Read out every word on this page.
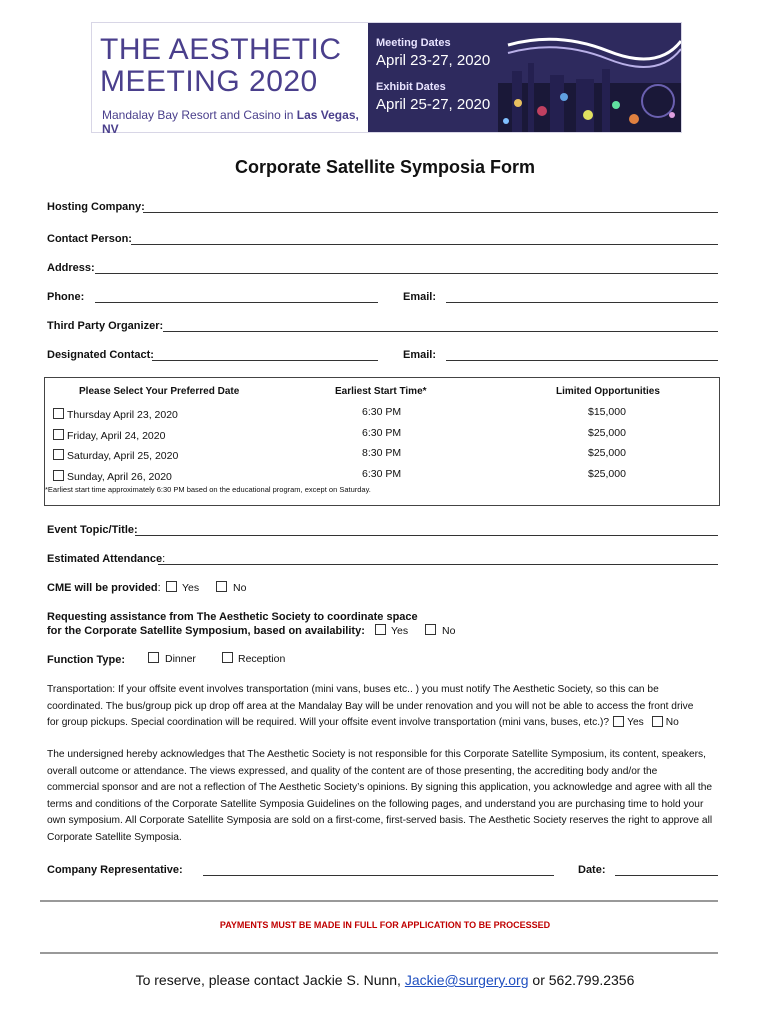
THE AESTHETIC
MEETING 2020
Mandalay Bay Resort and Casino in Las Vegas, NV
Meeting Dates
April 23-27, 2020
Exhibit Dates
April 25-27, 2020
Corporate Satellite Symposia Form
Hosting Company:
Contact Person:
Address:
Phone:	Email:
Third Party Organizer:
Designated Contact:	Email:
Please Select Your Preferred Date	Earliest Start Time*	Limited Opportunities
Thursday April 23, 2020	6:30 PM	$15,000
Friday, April 24, 2020	6:30 PM	$25,000
Saturday, April 25, 2020	8:30 PM	$25,000
Sunday, April 26, 2020	6:30 PM	$25,000
*Earliest start time approximately 6:30 PM based on the educational program, except on Saturday.
Event Topic/Title:
Estimated Attendance:
CME will be provided: Yes	No
Requesting assistance from The Aesthetic Society to coordinate space
for the Corporate Satellite Symposium, based on availability: Yes	No
Function Type:	Dinner	Reception
Transportation: If your offsite event involves transportation (mini vans, buses etc.. ) you must notify The Aesthetic Society, so this can be
coordinated. The bus/group pick up drop off area at the Mandalay Bay will be under renovation and you will not be able to access the front drive
for group pickups. Special coordination will be required. Will your offsite event involve transportation (mini vans, buses, etc.)? Yes No
The undersigned hereby acknowledges that The Aesthetic Society is not responsible for this Corporate Satellite Symposium, its content, speakers,
overall outcome or attendance. The views expressed, and quality of the content are of those presenting, the accrediting body and/or the
commercial sponsor and are not a reflection of The Aesthetic Society’s opinions. By signing this application, you acknowledge and agree with all the
terms and conditions of the Corporate Satellite Symposia Guidelines on the following pages, and understand you are purchasing time to hold your
own symposium. All Corporate Satellite Symposia are sold on a first-come, first-served basis. The Aesthetic Society reserves the right to approve all
Corporate Satellite Symposia.
Company Representative:	Date:
PAYMENTS MUST BE MADE IN FULL FOR APPLICATION TO BE PROCESSED
To reserve, please contact Jackie S. Nunn, Jackie@surgery.org or 562.799.2356
